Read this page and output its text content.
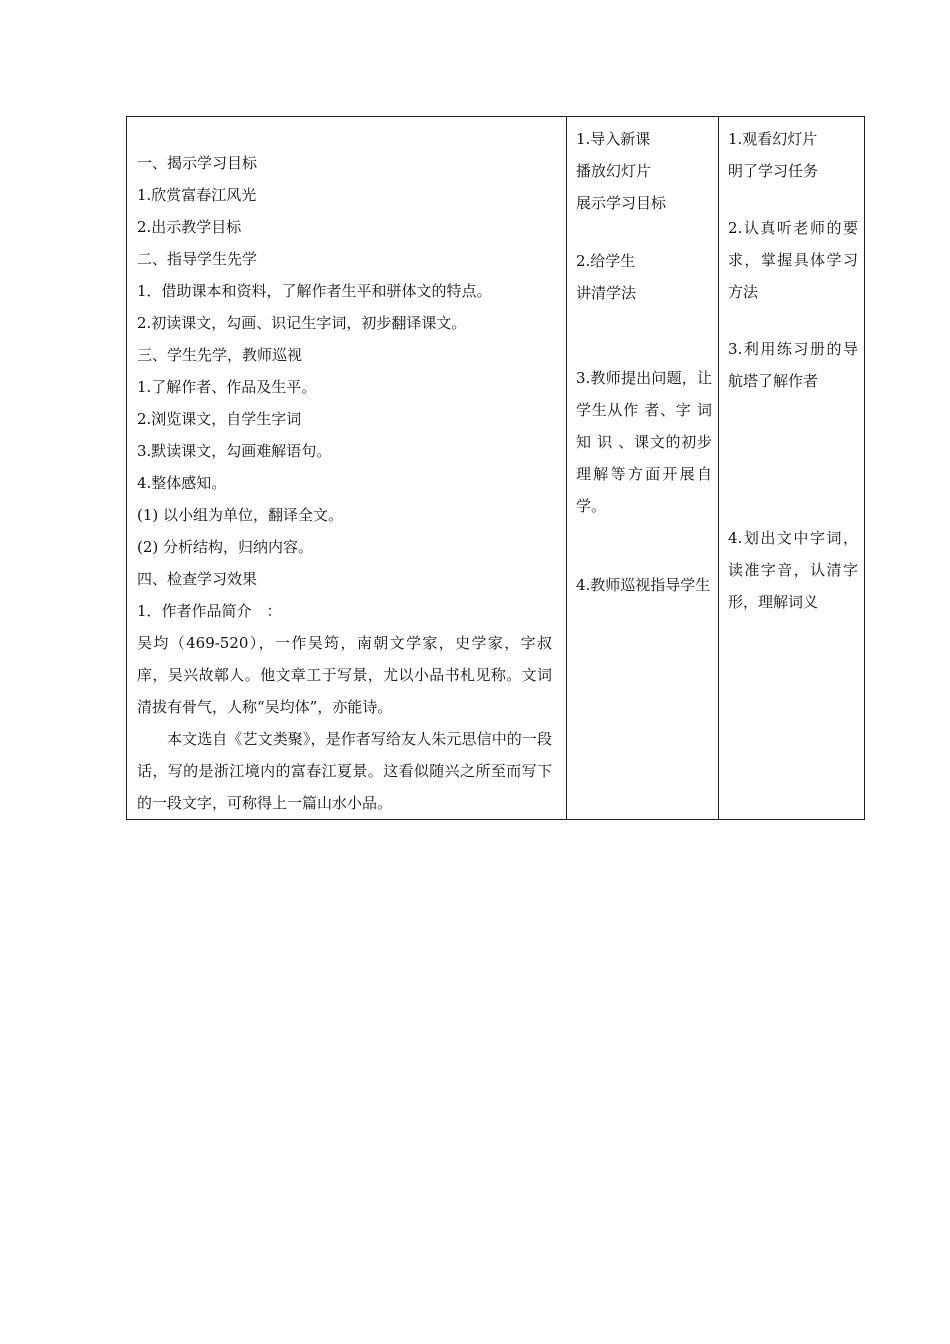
一、揭示学习目标
1.欣赏富春江风光
2.出示教学目标
二、指导学生先学
1．借助课本和资料，了解作者生平和骈体文的特点。
2.初读课文，勾画、识记生字词，初步翻译课文。
三、学生先学，教师巡视
1.了解作者、作品及生平。
2.浏览课文，自学生字词
3.默读课文，勾画难解语句。
4.整体感知。
(1) 以小组为单位，翻译全文。
(2) 分析结构，归纳内容。
四、检查学习效果
1．作者作品简介　：
吴均（469-520），一作吴筠，南朝文学家，史学家，字叔 庠，吴兴故鄣人。他文章工于写景，尤以小品书札见称。文词清拔有骨气，人称“吴均体”，亦能诗。
本文选自《艺文类聚》，是作者写给友人朱元思信中的一段话，写的是浙江境内的富春江夏景。这看似随兴之所至而写下的一段文字，可称得上一篇山水小品。

1.导入新课
播放幻灯片
展示学习目标
2.给学生
讲清学法
3.教师提出问题，让学生从作 者、字 词 知 识 、课文的初步理解等方面开展自学。
4.教师巡视指导学生

1.观看幻灯片
明了学习任务
2.认真听老师的要求，掌握具体学习方法
3.利用练习册的导航塔了解作者
4.划出文中字词，读准字音，认清字形，理解词义
